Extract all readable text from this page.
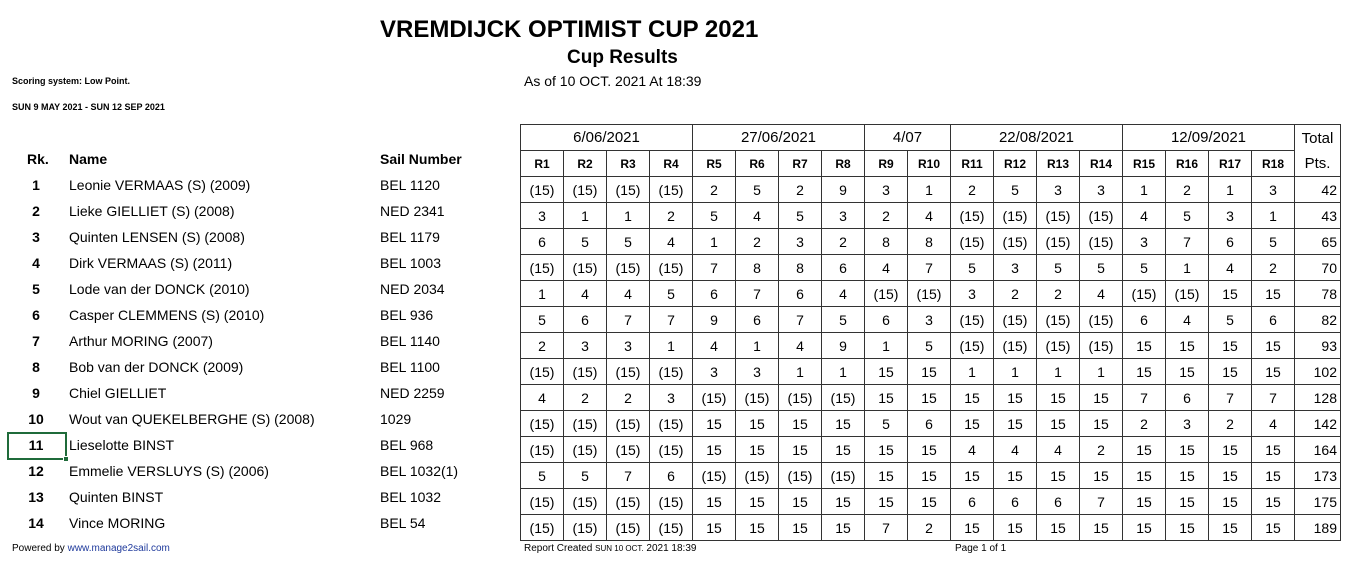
VREMDIJCK OPTIMIST CUP 2021
Cup Results
As of 10 OCT. 2021 At 18:39
Scoring system: Low Point.
SUN 9 MAY 2021 - SUN 12 SEP 2021
Rk. Name	Sail Number
1	Leonie VERMAAS (S) (2009)	BEL 1120
2	Lieke GIELLIET (S) (2008)	NED 2341
3	Quinten LENSEN (S) (2008)	BEL 1179
4	Dirk VERMAAS (S) (2011)	BEL 1003
5	Lode van der DONCK (2010)	NED 2034
6	Casper CLEMMENS (S) (2010)	BEL 936
7	Arthur MORING (2007)	BEL 1140
8	Bob van der DONCK (2009)	BEL 1100
9	Chiel GIELLIET	NED 2259
10	Wout van QUEKELBERGHE (S) (2008)	1029
11	Lieselotte BINST	BEL 968
12	Emmelie VERSLUYS (S) (2006)	BEL 1032(1)
13	Quinten BINST	BEL 1032
14	Vince MORING	BEL 54
6/06/2021				27/06/2021				4/07		22/08/2021				12/09/2021				Total Pts.
R1	R2	R3	R4	R5	R6	R7	R8	R9	R10	R11	R12	R13	R14	R15	R16	R17	R18	
(15)	(15)	(15)	(15)	2	5	2	9	3	1	2	5	3	3	1	2	1	3	42
3	1	1	2	5	4	5	3	2	4	(15)	(15)	(15)	(15)	4	5	3	1	43
6	5	5	4	1	2	3	2	8	8	(15)	(15)	(15)	(15)	3	7	6	5	65
(15)	(15)	(15)	(15)	7	8	8	6	4	7	5	3	5	5	5	1	4	2	70
1	4	4	5	6	7	6	4	(15)	(15)	3	2	2	4	(15)	(15)	15	15	78
5	6	7	7	9	6	7	5	6	3	(15)	(15)	(15)	(15)	6	4	5	6	82
2	3	3	1	4	1	4	9	1	5	(15)	(15)	(15)	(15)	15	15	15	15	93
(15)	(15)	(15)	(15)	3	3	1	1	15	15	1	1	1	1	15	15	15	15	102
4	2	2	3	(15)	(15)	(15)	(15)	15	15	15	15	15	15	7	6	7	7	128
(15)	(15)	(15)	(15)	15	15	15	15	5	6	15	15	15	15	2	3	2	4	142
(15)	(15)	(15)	(15)	15	15	15	15	15	15	4	4	4	2	15	15	15	15	164
5	5	7	6	(15)	(15)	(15)	(15)	15	15	15	15	15	15	15	15	15	15	173
(15)	(15)	(15)	(15)	15	15	15	15	15	15	6	6	6	7	15	15	15	15	175
(15)	(15)	(15)	(15)	15	15	15	15	7	2	15	15	15	15	15	15	15	15	189
Powered by www.manage2sail.com	Report Created SUN 10 OCT. 2021 18:39	Page 1 of 1
